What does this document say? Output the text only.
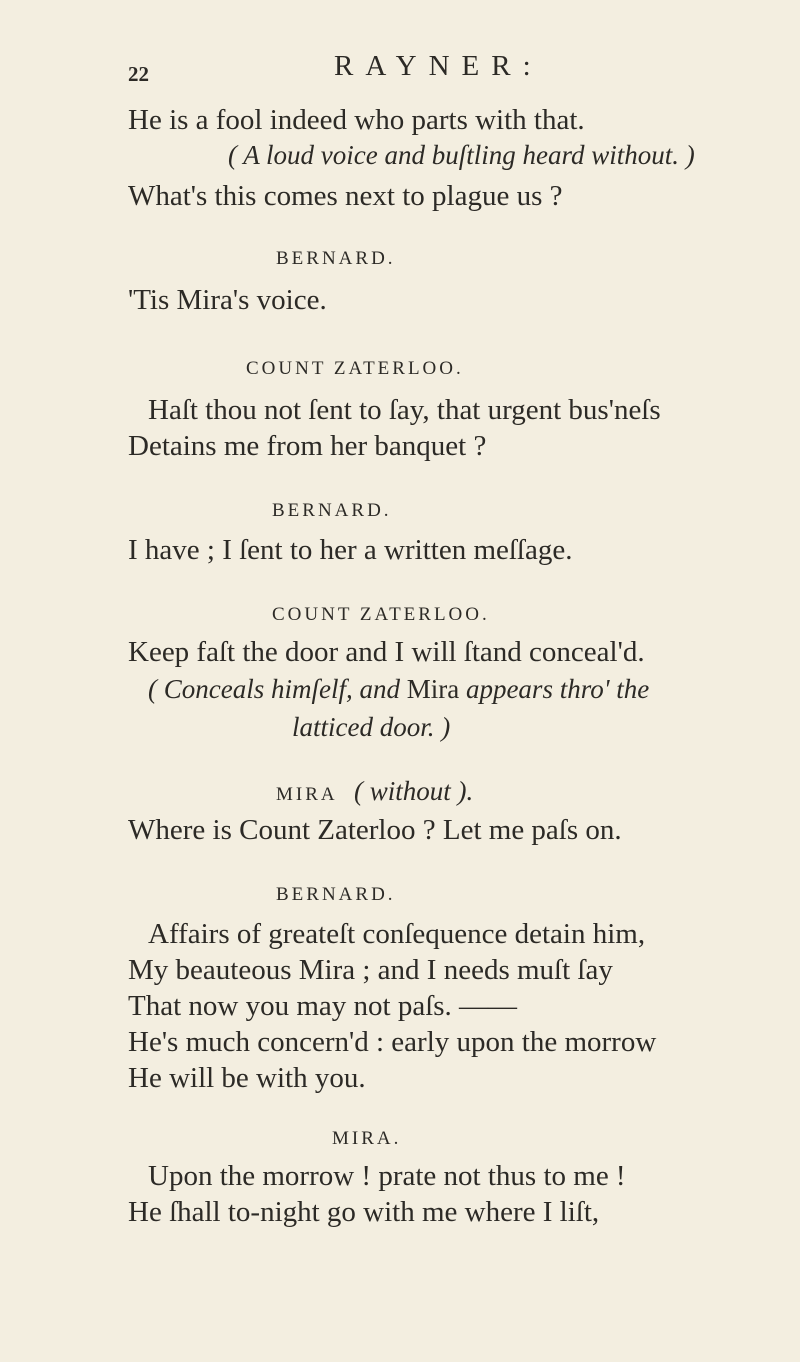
22	RAYNER:
He is a fool indeed who parts with that.
( A loud voice and buſtling heard without. )
What's this comes next to plague us ?
BERNARD.
'Tis Mira's voice.
COUNT ZATERLOO.
Haſt thou not ſent to ſay, that urgent bus'neſs
Detains me from her banquet ?
BERNARD.
I have ; I ſent to her a written meſſage.
COUNT ZATERLOO.
Keep faſt the door and I will ſtand conceal'd.
( Conceals himſelf, and Mira appears thro' the
latticed door. )
MIRA ( without ).
Where is Count Zaterloo ? Let me paſs on.
BERNARD.
Affairs of greateſt conſequence detain him,
My beauteous Mira ; and I needs muſt ſay
That now you may not paſs. ——
He's much concern'd : early upon the morrow
He will be with you.
MIRA.
Upon the morrow ! prate not thus to me !
He ſhall to-night go with me where I liſt,
